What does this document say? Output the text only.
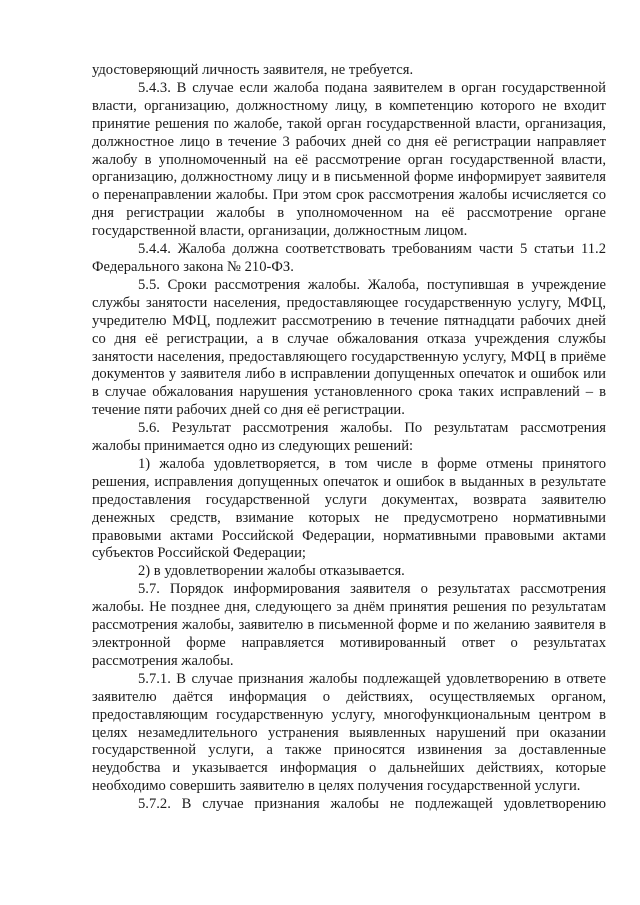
удостоверяющий личность заявителя, не требуется.

5.4.3. В случае если жалоба подана заявителем в орган государственной власти, организацию, должностному лицу, в компетенцию которого не входит принятие решения по жалобе, такой орган государственной власти, организация, должностное лицо в течение 3 рабочих дней со дня её регистрации направляет жалобу в уполномоченный на её рассмотрение орган государственной власти, организацию, должностному лицу и в письменной форме информирует заявителя о перенаправлении жалобы. При этом срок рассмотрения жалобы исчисляется со дня регистрации жалобы в уполномоченном на её рассмотрение органе государственной власти, организации, должностным лицом.

5.4.4. Жалоба должна соответствовать требованиям части 5 статьи 11.2 Федерального закона № 210-ФЗ.

5.5. Сроки рассмотрения жалобы. Жалоба, поступившая в учреждение службы занятости населения, предоставляющее государственную услугу, МФЦ, учредителю МФЦ, подлежит рассмотрению в течение пятнадцати рабочих дней со дня её регистрации, а в случае обжалования отказа учреждения службы занятости населения, предоставляющего государственную услугу, МФЦ в приёме документов у заявителя либо в исправлении допущенных опечаток и ошибок или в случае обжалования нарушения установленного срока таких исправлений – в течение пяти рабочих дней со дня её регистрации.

5.6. Результат рассмотрения жалобы. По результатам рассмотрения жалобы принимается одно из следующих решений:

1) жалоба удовлетворяется, в том числе в форме отмены принятого решения, исправления допущенных опечаток и ошибок в выданных в результате предоставления государственной услуги документах, возврата заявителю денежных средств, взимание которых не предусмотрено нормативными правовыми актами Российской Федерации, нормативными правовыми актами субъектов Российской Федерации;

2) в удовлетворении жалобы отказывается.

5.7. Порядок информирования заявителя о результатах рассмотрения жалобы. Не позднее дня, следующего за днём принятия решения по результатам рассмотрения жалобы, заявителю в письменной форме и по желанию заявителя в электронной форме направляется мотивированный ответ о результатах рассмотрения жалобы.

5.7.1. В случае признания жалобы подлежащей удовлетворению в ответе заявителю даётся информация о действиях, осуществляемых органом, предоставляющим государственную услугу, многофункциональным центром в целях незамедлительного устранения выявленных нарушений при оказании государственной услуги, а также приносятся извинения за доставленные неудобства и указывается информация о дальнейших действиях, которые необходимо совершить заявителю в целях получения государственной услуги.

5.7.2. В случае признания жалобы не подлежащей удовлетворению
